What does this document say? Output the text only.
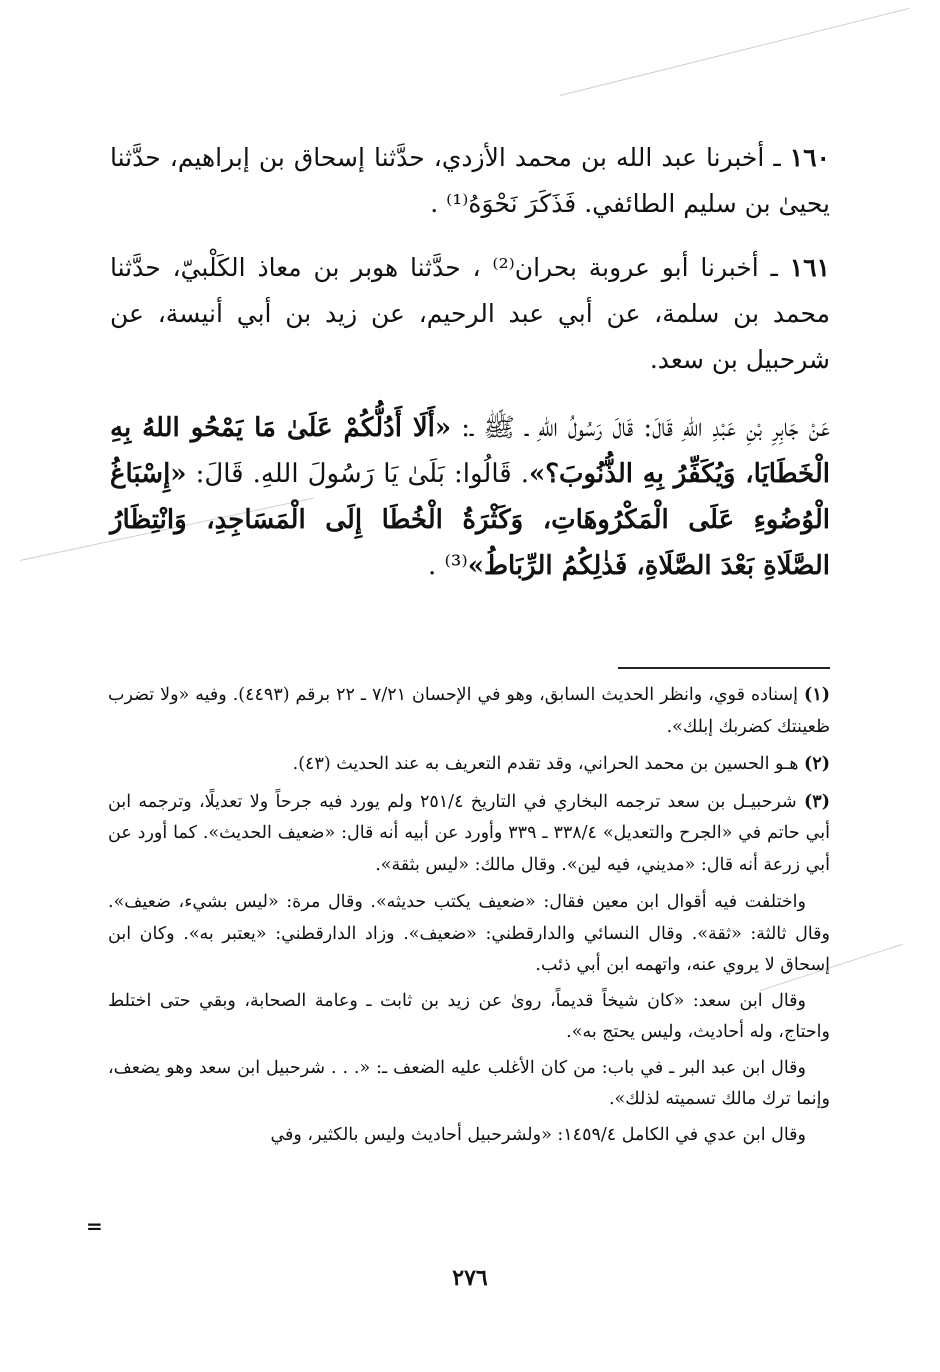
١٦٠ ـ أخبرنا عبد الله بن محمد الأزدي، حدَّثنا إسحاق بن إبراهيم، حدَّثنا يحيىٰ بن سليم الطائفي. فَذَكَرَ نَحْوَهُ⁽¹⁾ .

١٦١ ـ أخبرنا أبو عروبة بحران⁽²⁾ ، حدَّثنا هوبر بن معاذ الكَلْبيّ، حدَّثنا محمد بن سلمة، عن أبي عبد الرحيم، عن زيد بن أبي أنيسة، عن شرحبيل بن سعد.

عَنْ جَابِرِ بْنِ عَبْدِ اللهِ قَالَ: قَالَ رَسُولُ اللهِ ـ ﷺ ـ: «أَلَا أَدُلُّكُمْ عَلَىٰ مَا يَمْحُو اللهُ بِهِ الْخَطَايَا، وَيُكَفِّرُ بِهِ الذُّنُوبَ؟». قَالُوا: بَلَىٰ يَا رَسُولَ اللهِ. قَالَ: «إِسْبَاغُ الْوُضُوءِ عَلَى الْمَكْرُوهَاتِ، وَكَثْرَةُ الْخُطَا إِلَى الْمَسَاجِدِ، وَانْتِظَارُ الصَّلَاةِ بَعْدَ الصَّلَاةِ، فَذٰلِكُمُ الرِّبَاطُ»⁽³⁾ .

(١) إسناده قوي، وانظر الحديث السابق، وهو في الإحسان ٧/٢١ ـ ٢٢ برقم (٤٤٩٣). وفيه «ولا تضرب ظعينتك كضربك إبلك».

(٢) هـو الحسين بن محمد الحراني، وقد تقدم التعريف به عند الحديث (٤٣).

(٣) شرحبيـل بن سعد ترجمه البخاري في التاريخ ٢٥١/٤ ولم يورد فيه جرحاً ولا تعديلًا، وترجمه ابن أبي حاتم في «الجرح والتعديل» ٣٣٨/٤ ـ ٣٣٩ وأورد عن أبيه أنه قال: «ضعيف الحديث». كما أورد عن أبي زرعة أنه قال: «مديني، فيه لين». وقال مالك: «ليس بثقة».

واختلفت فيه أقوال ابن معين فقال: «ضعيف يكتب حديثه». وقال مرة: «ليس بشيء، ضعيف». وقال ثالثة: «ثقة». وقال النسائي والدارقطني: «ضعيف». وزاد الدارقطني: «يعتبر به». وكان ابن إسحاق لا يروي عنه، واتهمه ابن أبي ذئب.

وقال ابن سعد: «كان شيخاً قديماً، روىٰ عن زيد بن ثابت ـ وعامة الصحابة، وبقي حتى اختلط واحتاج، وله أحاديث، وليس يحتج به».

وقال ابن عبد البر ـ في باب: من كان الأغلب عليه الضعف ـ: «. . . شرحبيل ابن سعد وهو يضعف، وإنما ترك مالك تسميته لذلك».

وقال ابن عدي في الكامل ١٤٥٩/٤: «ولشرحبيل أحاديث وليس بالكثير، وفي

=
٢٧٦
